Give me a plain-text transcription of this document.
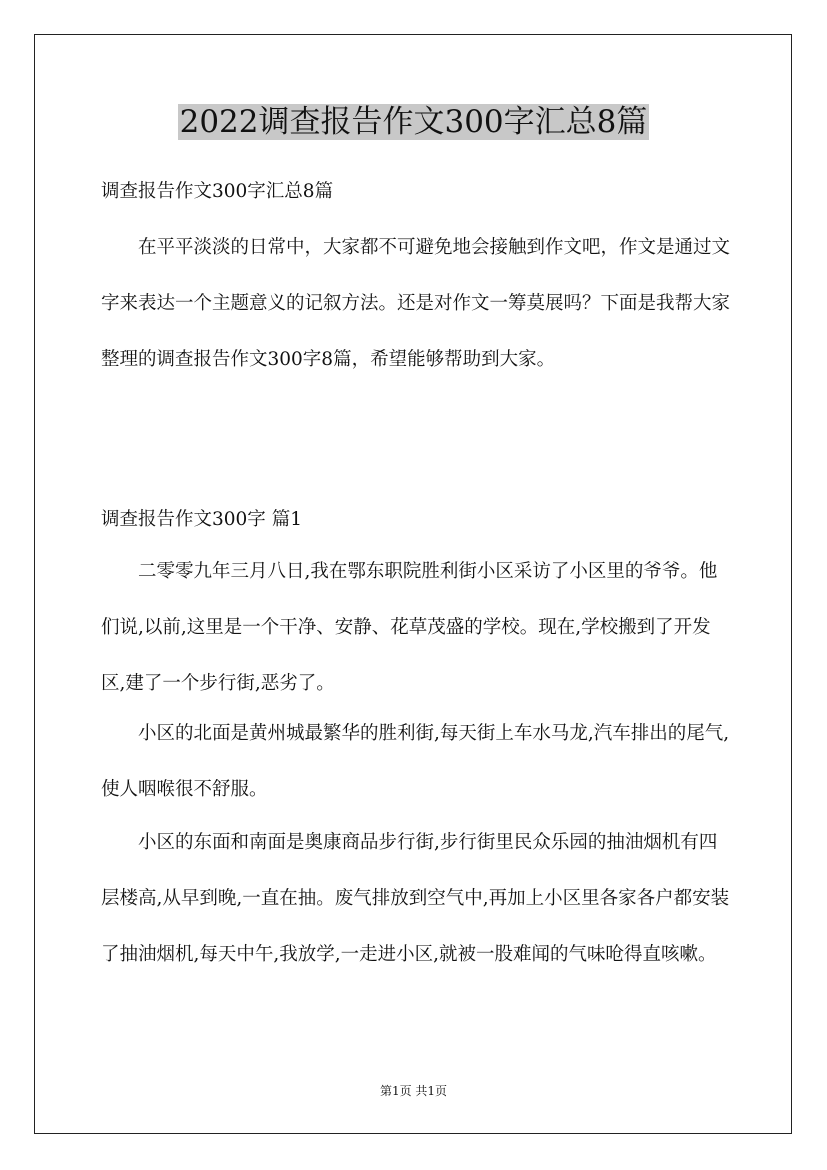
2022调查报告作文300字汇总8篇
调查报告作文300字汇总8篇
在平平淡淡的日常中，大家都不可避免地会接触到作文吧，作文是通过文字来表达一个主题意义的记叙方法。还是对作文一筹莫展吗？下面是我帮大家整理的调查报告作文300字8篇，希望能够帮助到大家。
调查报告作文300字 篇1
二零零九年三月八日,我在鄂东职院胜利街小区采访了小区里的爷爷。他们说,以前,这里是一个干净、安静、花草茂盛的学校。现在,学校搬到了开发区,建了一个步行街,恶劣了。
小区的北面是黄州城最繁华的胜利街,每天街上车水马龙,汽车排出的尾气,使人咽喉很不舒服。
小区的东面和南面是奥康商品步行街,步行街里民众乐园的抽油烟机有四层楼高,从早到晚,一直在抽。废气排放到空气中,再加上小区里各家各户都安装了抽油烟机,每天中午,我放学,一走进小区,就被一股难闻的气味呛得直咳嗽。
第1页 共1页
